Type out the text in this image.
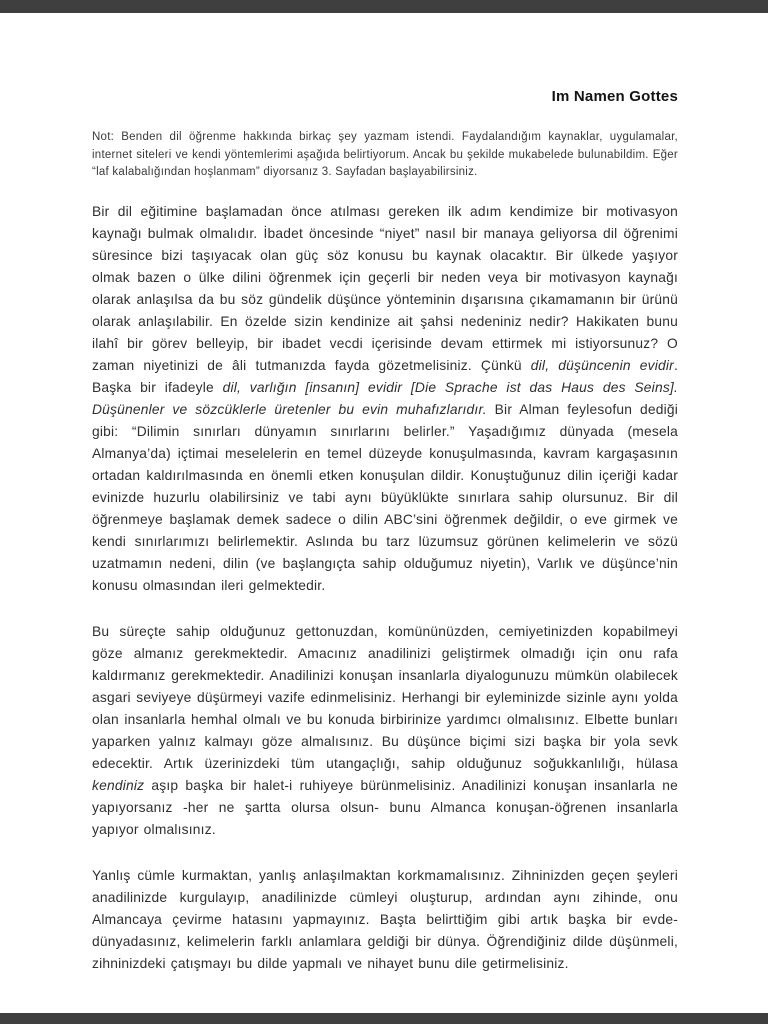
Im Namen Gottes

Not: Benden dil öğrenme hakkında birkaç şey yazmam istendi. Faydalandığım kaynaklar, uygulamalar, internet siteleri ve kendi yöntemlerimi aşağıda belirtiyorum. Ancak bu şekilde mukabelede bulunabildim. Eğer “laf kalabalığından hoşlanmam” diyorsanız 3. Sayfadan başlayabilirsiniz.

Bir dil eğitimine başlamadan önce atılması gereken ilk adım kendimize bir motivasyon kaynağı bulmak olmalıdır. İbadet öncesinde “niyet” nasıl bir manaya geliyorsa dil öğrenimi süresince bizi taşıyacak olan güç söz konusu bu kaynak olacaktır. Bir ülkede yaşıyor olmak bazen o ülke dilini öğrenmek için geçerli bir neden veya bir motivasyon kaynağı olarak anlaşılsa da bu söz gündelik düşünce yönteminin dışarısına çıkamamanın bir ürünü olarak anlaşılabilir. En özelde sizin kendinize ait şahsi nedeniniz nedir? Hakikaten bunu ilahî bir görev belleyip, bir ibadet vecdi içerisinde devam ettirmek mi istiyorsunuz? O zaman niyetinizi de âli tutmanızda fayda gözetmelisiniz. Çünkü dil, düşüncenin evidir. Başka bir ifadeyle dil, varlığın [insanın] evidir [Die Sprache ist das Haus des Seins]. Düşünenler ve sözcüklerle üretenler bu evin muhafızlarıdır. Bir Alman feylesofun dediği gibi: “Dilimin sınırları dünyamın sınırlarını belirler.” Yaşadığımız dünyada (mesela Almanya’da) içtimai meselelerin en temel düzeyde konuşulmasında, kavram kargaşasının ortadan kaldırılmasında en önemli etken konuşulan dildir. Konuştuğunuz dilin içeriği kadar evinizde huzurlu olabilirsiniz ve tabi aynı büyüklükte sınırlara sahip olursunuz. Bir dil öğrenmeye başlamak demek sadece o dilin ABC’sini öğrenmek değildir, o eve girmek ve kendi sınırlarımızı belirlemektir. Aslında bu tarz lüzumsuz görünen kelimelerin ve sözü uzatmamın nedeni, dilin (ve başlangıçta sahip olduğumuz niyetin), Varlık ve düşünce’nin konusu olmasından ileri gelmektedir.

Bu süreçte sahip olduğunuz gettonuzdan, komününüzden, cemiyetinizden kopabilmeyi göze almanız gerekmektedir. Amacınız anadilinizi geliştirmek olmadığı için onu rafa kaldırmanız gerekmektedir. Anadilinizi konuşan insanlarla diyalogunuzu mümkün olabilecek asgari seviyeye düşürmeyi vazife edinmelisiniz. Herhangi bir eyleminizde sizinle aynı yolda olan insanlarla hemhal olmalı ve bu konuda birbirinize yardımcı olmalısınız. Elbette bunları yaparken yalnız kalmayı göze almalısınız. Bu düşünce biçimi sizi başka bir yola sevk edecektir. Artık üzerinizdeki tüm utangaçlığı, sahip olduğunuz soğukkanlılığı, hülasa kendiniz aşıp başka bir halet-i ruhiyeye bürünmelisiniz. Anadilinizi konuşan insanlarla ne yapıyorsanız -her ne şartta olursa olsun- bunu Almanca konuşan-öğrenen insanlarla yapıyor olmalısınız.

Yanlış cümle kurmaktan, yanlış anlaşılmaktan korkmamalısınız. Zihninizden geçen şeyleri anadilinizde kurgulayıp, anadilinizde cümleyi oluşturup, ardından aynı zihinde, onu Almancaya çevirme hatasını yapmayınız. Başta belirttiğim gibi artık başka bir evde-dünyadasınız, kelimelerin farklı anlamlara geldiği bir dünya. Öğrendiğiniz dilde düşünmeli, zihninizdeki çatışmayı bu dilde yapmalı ve nihayet bunu dile getirmelisiniz.
